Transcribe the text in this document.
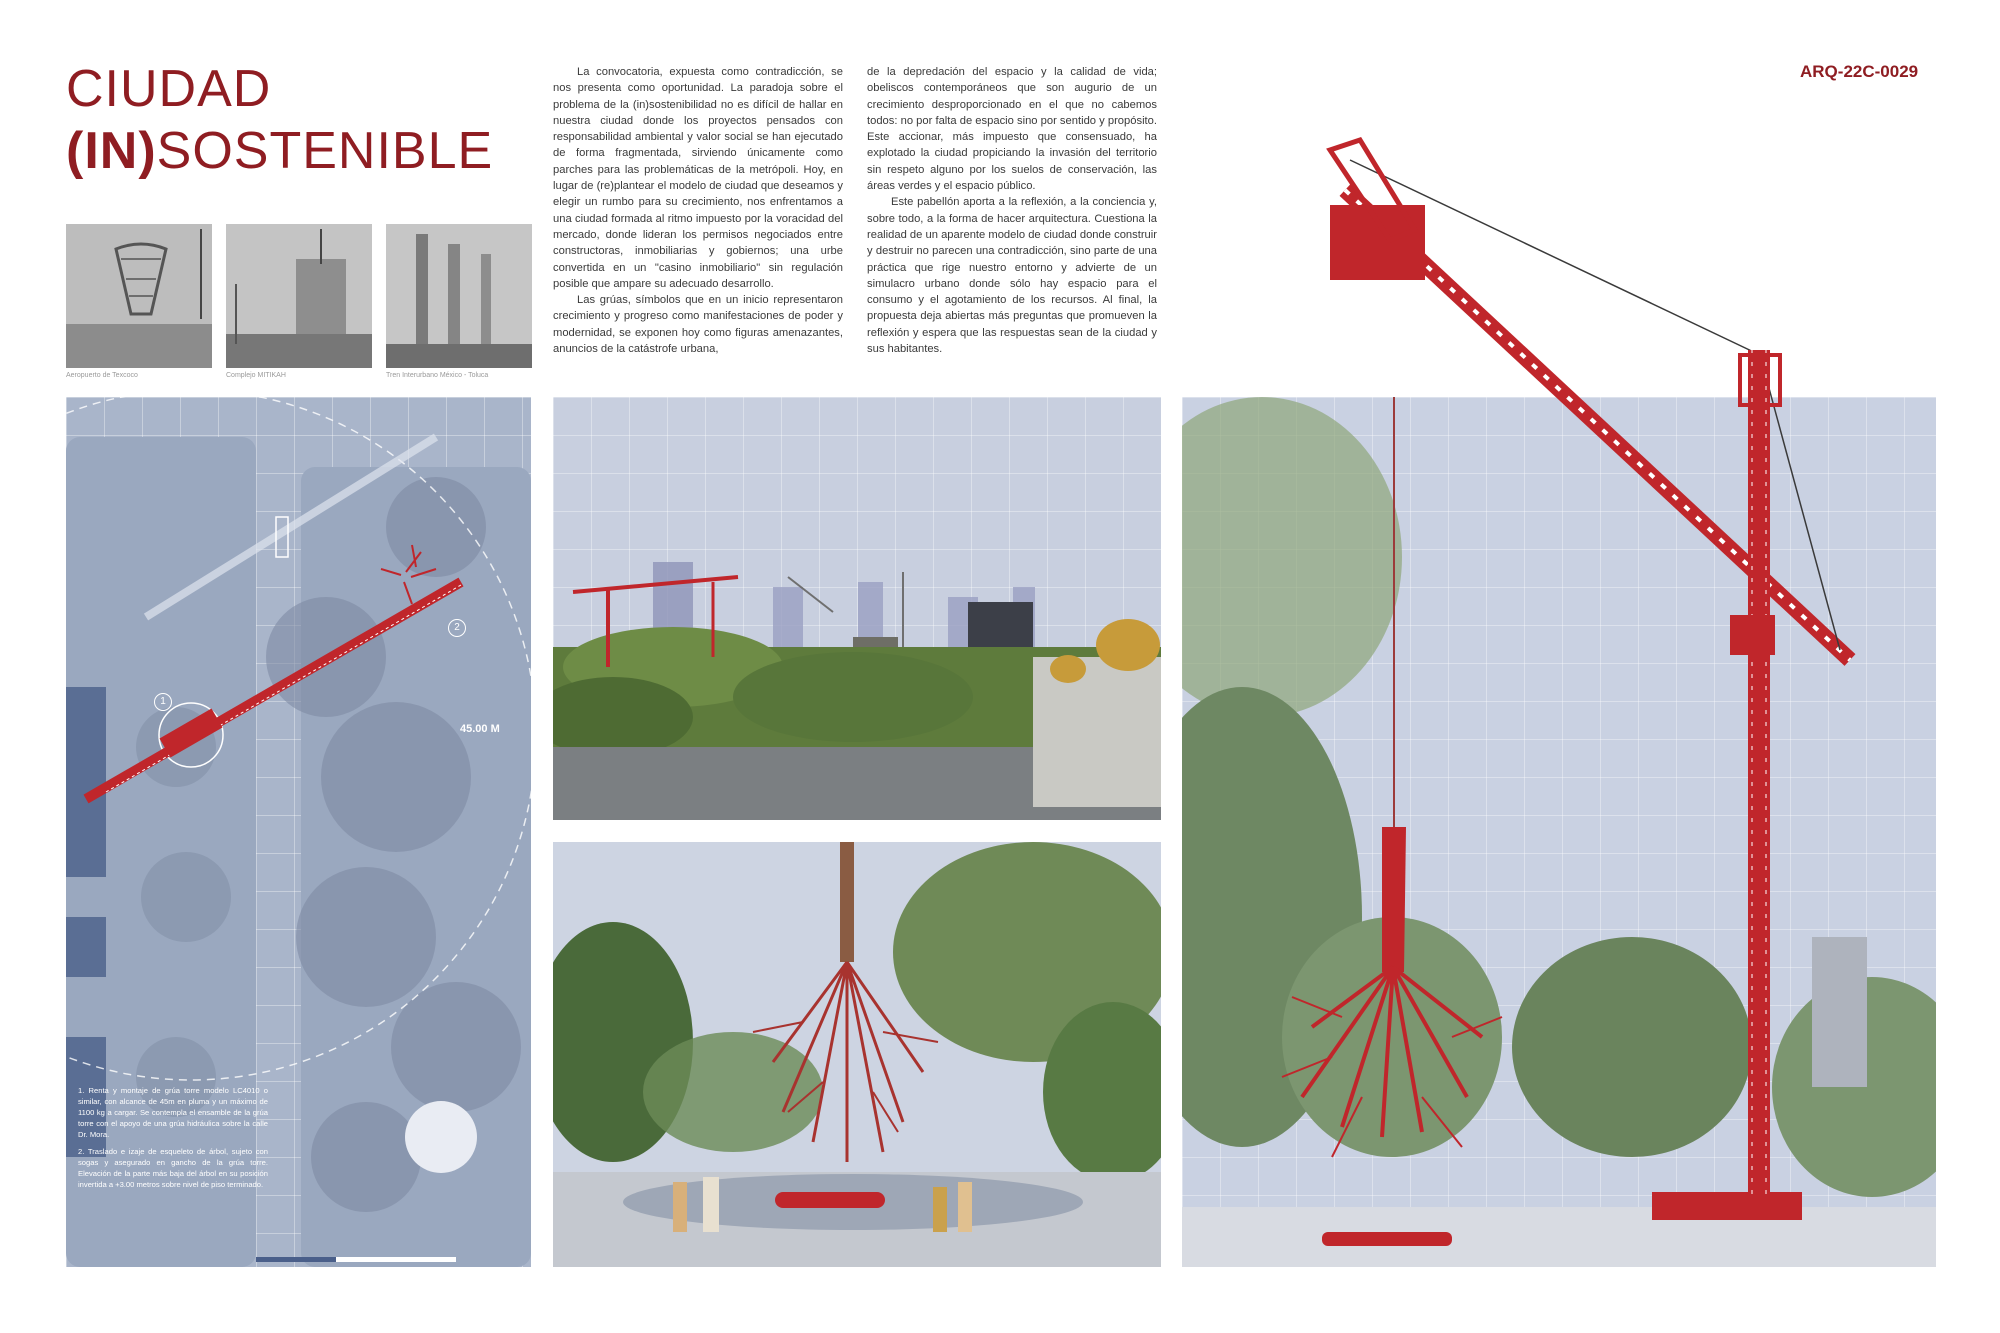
CIUDAD
(IN)SOSTENIBLE
ARQ-22C-0029

La convocatoria, expuesta como contradicción, se nos presenta como oportunidad. La paradoja sobre el problema de la (in)sostenibilidad no es difícil de hallar en nuestra ciudad donde los proyectos pensados con responsabilidad ambiental y valor social se han ejecutado de forma fragmentada, sirviendo únicamente como parches para las problemáticas de la metrópoli. Hoy, en lugar de (re)plantear el modelo de ciudad que deseamos y elegir un rumbo para su crecimiento, nos enfrentamos a una ciudad formada al ritmo impuesto por la voracidad del mercado, donde lideran los permisos negociados entre constructoras, inmobiliarias y gobiernos; una urbe convertida en un "casino inmobiliario" sin regulación posible que ampare su adecuado desarrollo.

Las grúas, símbolos que en un inicio representaron crecimiento y progreso como manifestaciones de poder y modernidad, se exponen hoy como figuras amenazantes, anuncios de la catástrofe urbana,

de la depredación del espacio y la calidad de vida; obeliscos contemporáneos que son augurio de un crecimiento desproporcionado en el que no cabemos todos: no por falta de espacio sino por sentido y propósito. Este accionar, más impuesto que consensuado, ha explotado la ciudad propiciando la invasión del territorio sin respeto alguno por los suelos de conservación, las áreas verdes y el espacio público.

Este pabellón aporta a la reflexión, a la conciencia y, sobre todo, a la forma de hacer arquitectura. Cuestiona la realidad de un aparente modelo de ciudad donde construir y destruir no parecen una contradicción, sino parte de una práctica que rige nuestro entorno y advierte de un simulacro urbano donde sólo hay espacio para el consumo y el agotamiento de los recursos. Al final, la propuesta deja abiertas más preguntas que promueven la reflexión y espera que las respuestas sean de la ciudad y sus habitantes.

Aeropuerto de Texcoco	Complejo MITIKAH	Tren Interurbano México - Toluca
1
2
45.00 M
1. Renta y montaje de grúa torre modelo LC4010 o similar, con alcance de 45m en pluma y un máximo de 1100 kg a cargar. Se contempla el ensamble de la grúa torre con el apoyo de una grúa hidráulica sobre la calle Dr. Mora.
2. Traslado e izaje de esqueleto de árbol, sujeto con sogas y asegurado en gancho de la grúa torre. Elevación de la parte más baja del árbol en su posición invertida a +3.00 metros sobre nivel de piso terminado.
